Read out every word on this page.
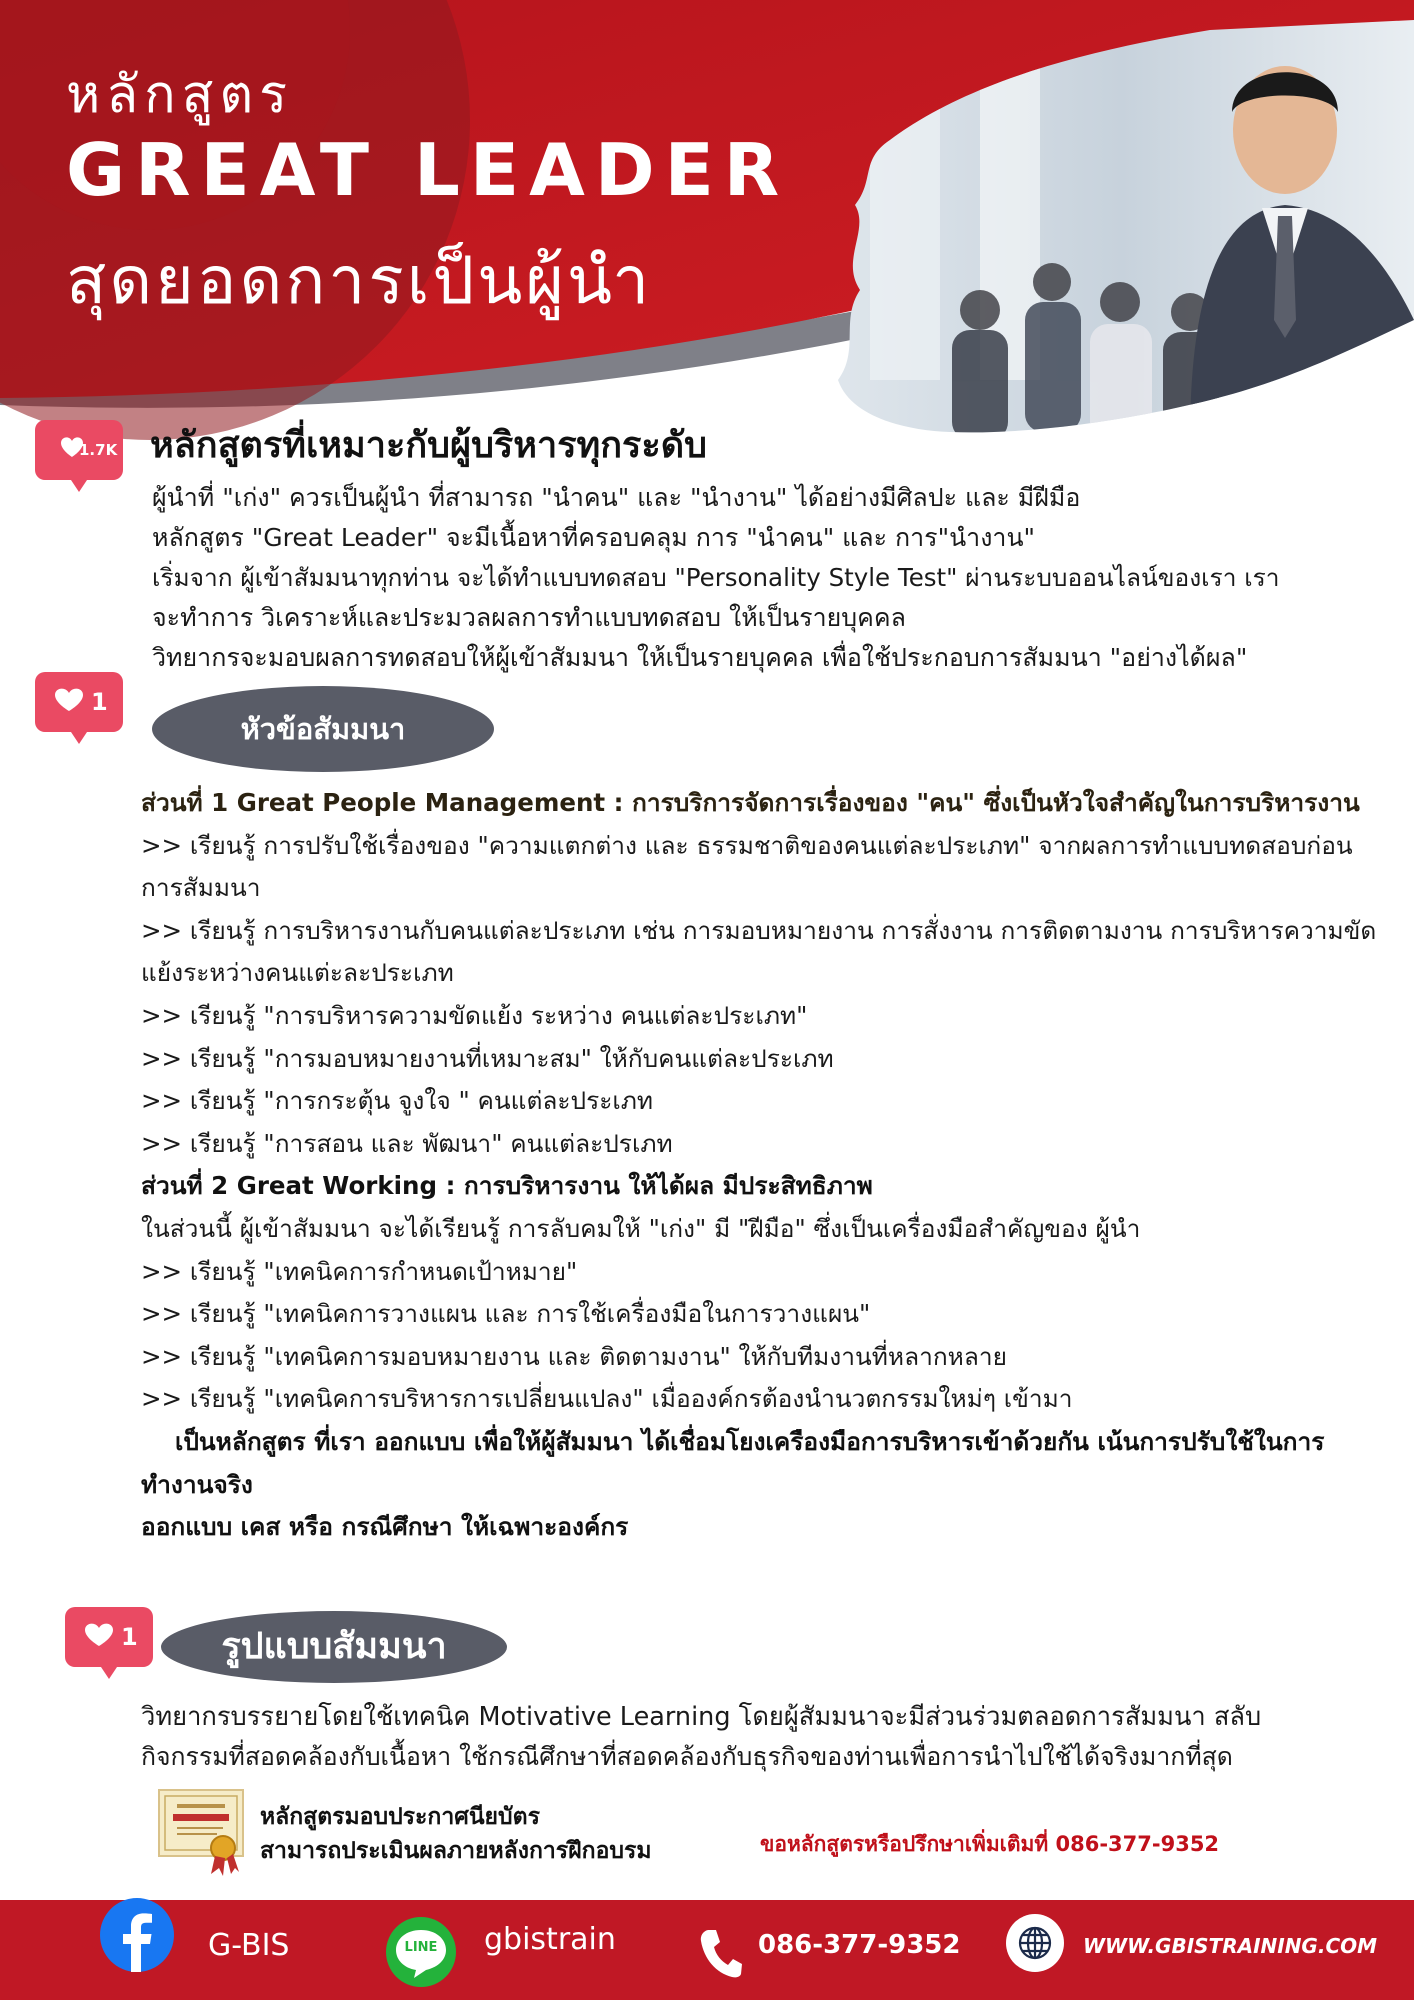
หลักสูตร
GREAT LEADER
สุดยอดการเป็นผู้นำ
1.7K หลักสูตรที่เหมาะกับผู้บริหารทุกระดับ

ผู้นำที่ "เก่ง" ควรเป็นผู้นำ ที่สามารถ "นำคน" และ "นำงาน" ได้อย่างมีศิลปะ และ มีฝีมือ

หลักสูตร "Great Leader" จะมีเนื้อหาที่ครอบคลุม การ "นำคน" และ การ"นำงาน"

เริ่มจาก ผู้เข้าสัมมนาทุกท่าน จะได้ทำแบบทดสอบ "Personality Style Test" ผ่านระบบออนไลน์ของเรา เรา

จะทำการ วิเคราะห์และประมวลผลการทำแบบทดสอบ ให้เป็นรายบุคคล

วิทยากรจะมอบผลการทดสอบให้ผู้เข้าสัมมนา ให้เป็นรายบุคคล เพื่อใช้ประกอบการสัมมนา "อย่างได้ผล"

1
หัวข้อสัมมนา

ส่วนที่ 1 Great People Management : การบริการจัดการเรื่องของ "คน" ซึ่งเป็นหัวใจสำคัญในการบริหารงาน

>> เรียนรู้ การปรับใช้เรื่องของ "ความแตกต่าง และ ธรรมชาติของคนแต่ละประเภท" จากผลการทำแบบทดสอบก่อนการสัมมนา

>> เรียนรู้ การบริหารงานกับคนแต่ละประเภท เช่น การมอบหมายงาน การสั่งงาน การติดตามงาน การบริหารความขัดแย้งระหว่างคนแต่ะละประเภท

>> เรียนรู้ "การบริหารความขัดแย้ง ระหว่าง คนแต่ละประเภท"

>> เรียนรู้ "การมอบหมายงานที่เหมาะสม" ให้กับคนแต่ละประเภท

>> เรียนรู้ "การกระตุ้น จูงใจ " คนแต่ละประเภท

>> เรียนรู้ "การสอน และ พัฒนา" คนแต่ละปรเภท

ส่วนที่ 2 Great Working : การบริหารงาน ให้ได้ผล มีประสิทธิภาพ

ในส่วนนี้ ผู้เข้าสัมมนา จะได้เรียนรู้ การลับคมให้ "เก่ง" มี "ฝีมือ" ซึ่งเป็นเครื่องมือสำคัญของ ผู้นำ

>> เรียนรู้ "เทคนิคการกำหนดเป้าหมาย"

>> เรียนรู้ "เทคนิคการวางแผน และ การใช้เครื่องมือในการวางแผน"

>> เรียนรู้ "เทคนิคการมอบหมายงาน และ ติดตามงาน" ให้กับทีมงานที่หลากหลาย

>> เรียนรู้ "เทคนิคการบริหารการเปลี่ยนแปลง" เมื่อองค์กรต้องนำนวตกรรมใหม่ๆ เข้ามา

เป็นหลักสูตร ที่เรา ออกแบบ เพื่อให้ผู้สัมมนา ได้เชื่อมโยงเครืองมือการบริหารเข้าด้วยกัน เน้นการปรับใช้ในการทำงานจริง

ออกแบบ เคส หรือ กรณีศึกษา ให้เฉพาะองค์กร

1	รูปแบบสัมมนา

วิทยากรบรรยายโดยใช้เทคนิค Motivative Learning โดยผู้สัมมนาจะมีส่วนร่วมตลอดการสัมมนา สลับ

กิจกรรมที่สอดคล้องกับเนื้อหา ใช้กรณีศึกษาที่สอดคล้องกับธุรกิจของท่านเพื่อการนำไปใช้ได้จริงมากที่สุด

หลักสูตรมอบประกาศนียบัตร

สามารถประเมินผลภายหลังการฝึกอบรม	ขอหลักสูตรหรือปรึกษาเพิ่มเติมที่ 086-377-9352
G-BIS	LINE	gbistrain	086-377-9352	WWW.GBISTRAINING.COM
